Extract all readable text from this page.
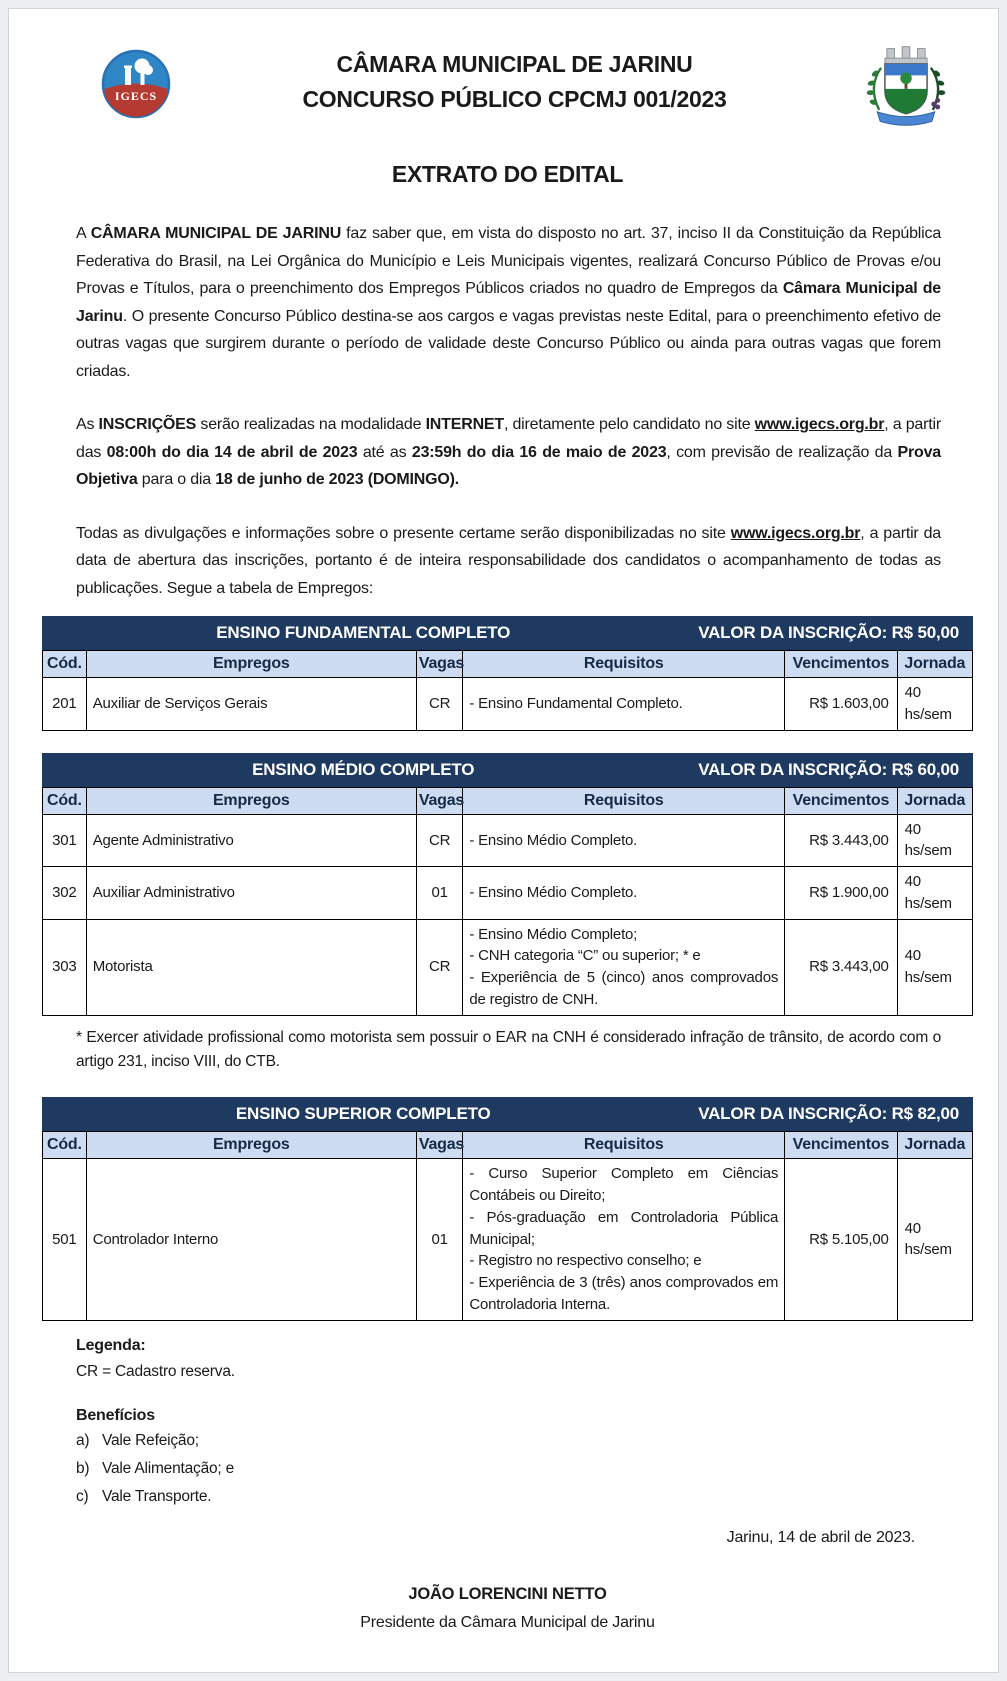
IGECS
CÂMARA MUNICIPAL DE JARINU
CONCURSO PÚBLICO CPCMJ 001/2023
EXTRATO DO EDITAL

A CÂMARA MUNICIPAL DE JARINU faz saber que, em vista do disposto no art. 37, inciso II da Constituição da República Federativa do Brasil, na Lei Orgânica do Município e Leis Municipais vigentes, realizará Concurso Público de Provas e/ou Provas e Títulos, para o preenchimento dos Empregos Públicos criados no quadro de Empregos da Câmara Municipal de Jarinu. O presente Concurso Público destina-se aos cargos e vagas previstas neste Edital, para o preenchimento efetivo de outras vagas que surgirem durante o período de validade deste Concurso Público ou ainda para outras vagas que forem criadas.

As INSCRIÇÕES serão realizadas na modalidade INTERNET, diretamente pelo candidato no site www.igecs.org.br, a partir das 08:00h do dia 14 de abril de 2023 até as 23:59h do dia 16 de maio de 2023, com previsão de realização da Prova Objetiva para o dia 18 de junho de 2023 (DOMINGO).

Todas as divulgações e informações sobre o presente certame serão disponibilizadas no site www.igecs.org.br, a partir da data de abertura das inscrições, portanto é de inteira responsabilidade dos candidatos o acompanhamento de todas as publicações. Segue a tabela de Empregos:

ENSINO FUNDAMENTAL COMPLETO	VALOR DA INSCRIÇÃO: R$ 50,00
Cód.	Empregos	Vagas	Requisitos	Vencimentos	Jornada
201	Auxiliar de Serviços Gerais	CR	- Ensino Fundamental Completo.	R$ 1.603,00	40 hs/sem
ENSINO MÉDIO COMPLETO	VALOR DA INSCRIÇÃO: R$ 60,00
Cód.	Empregos	Vagas	Requisitos	Vencimentos	Jornada
301	Agente Administrativo	CR	- Ensino Médio Completo.	R$ 3.443,00	40 hs/sem
302	Auxiliar Administrativo	01	- Ensino Médio Completo.	R$ 1.900,00	40 hs/sem
303	Motorista	CR	- Ensino Médio Completo;
- CNH categoria “C” ou superior; * e
- Experiência de 5 (cinco) anos comprovados de registro de CNH.	R$ 3.443,00	40 hs/sem

* Exercer atividade profissional como motorista sem possuir o EAR na CNH é considerado infração de trânsito, de acordo com o artigo 231, inciso VIII, do CTB.

ENSINO SUPERIOR COMPLETO	VALOR DA INSCRIÇÃO: R$ 82,00
Cód.	Empregos	Vagas	Requisitos	Vencimentos	Jornada
501	Controlador Interno	01	- Curso Superior Completo em Ciências Contábeis ou Direito;
- Pós-graduação em Controladoria Pública Municipal;
- Registro no respectivo conselho; e
- Experiência de 3 (três) anos comprovados em Controladoria Interna.	R$ 5.105,00	40 hs/sem
Legenda:
CR = Cadastro reserva.
Benefícios
a) Vale Refeição;
b) Vale Alimentação; e
c) Vale Transporte.
Jarinu, 14 de abril de 2023.
JOÃO LORENCINI NETTO
Presidente da Câmara Municipal de Jarinu
